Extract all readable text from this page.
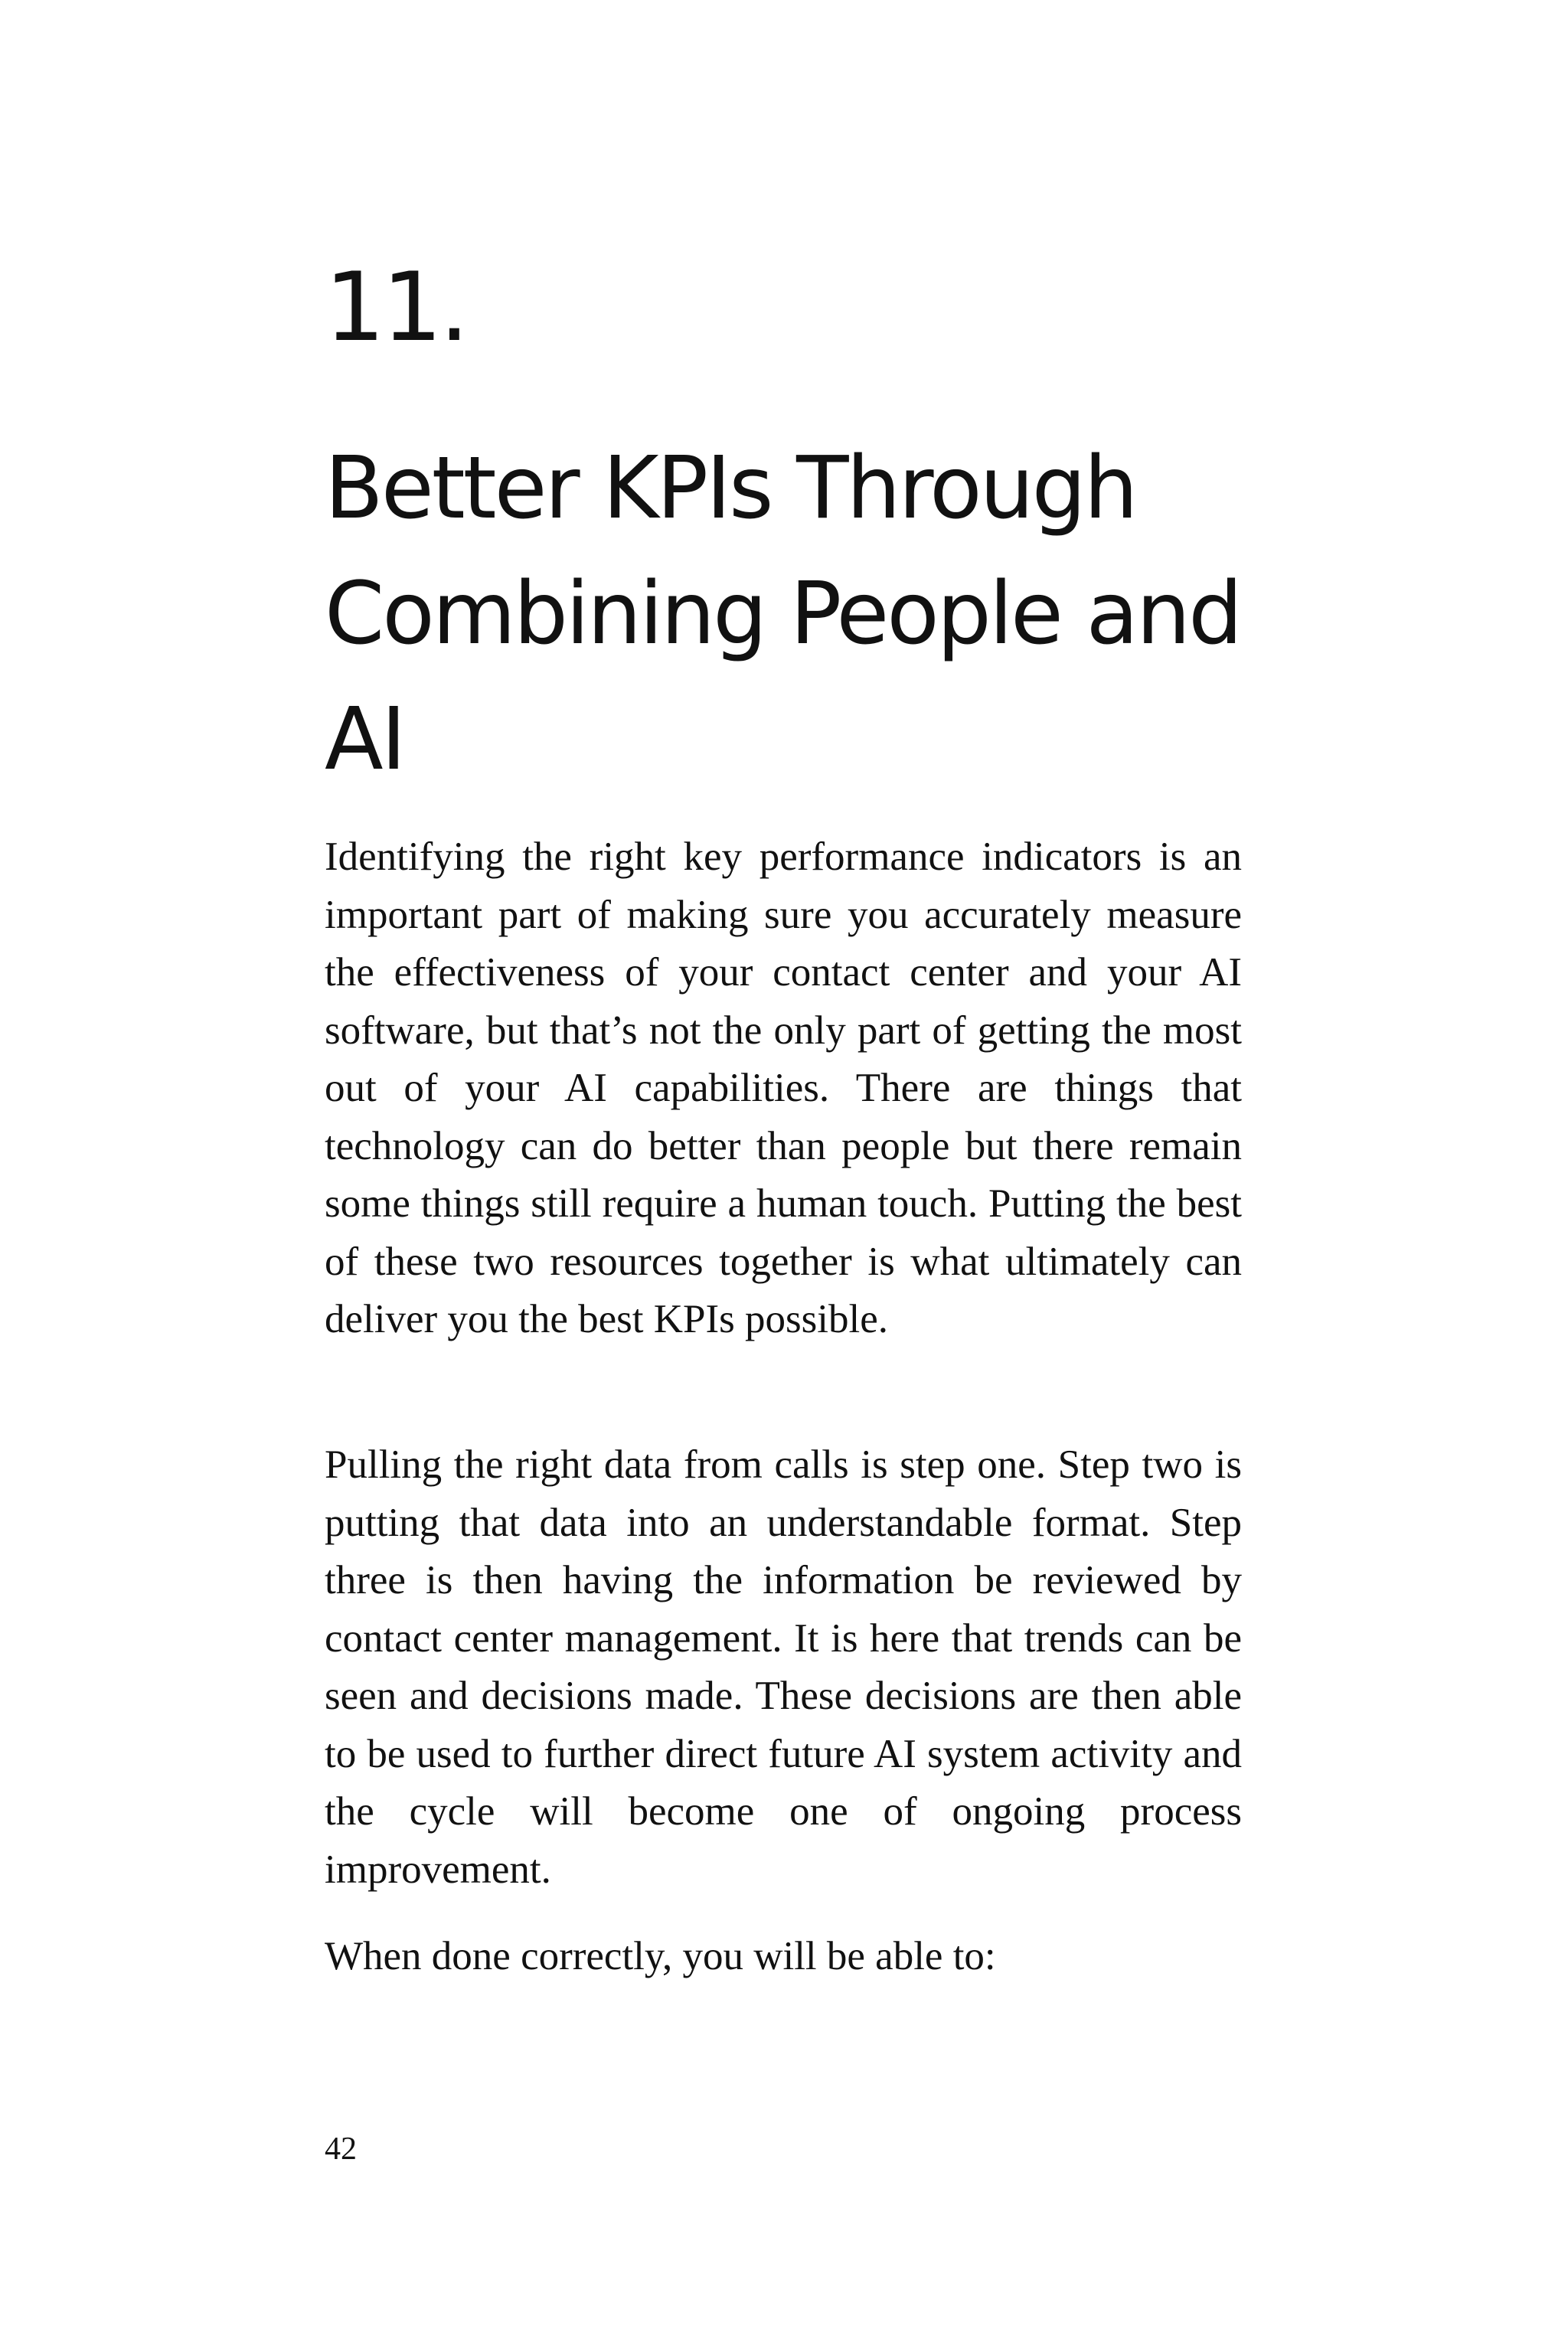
11.
Better KPIs Through Combining People and AI

Identifying the right key performance indicators is an important part of making sure you accurately measure the effectiveness of your contact center and your AI software, but that’s not the only part of getting the most out of your AI capabilities. There are things that technology can do better than people but there remain some things still require a human touch. Putting the best of these two resources together is what ultimately can deliver you the best KPIs possible.

Pulling the right data from calls is step one. Step two is putting that data into an understandable format. Step three is then having the information be reviewed by contact center management. It is here that trends can be seen and decisions made. These decisions are then able to be used to further direct future AI system activity and the cycle will become one of ongoing process improvement.

When done correctly, you will be able to:

42
